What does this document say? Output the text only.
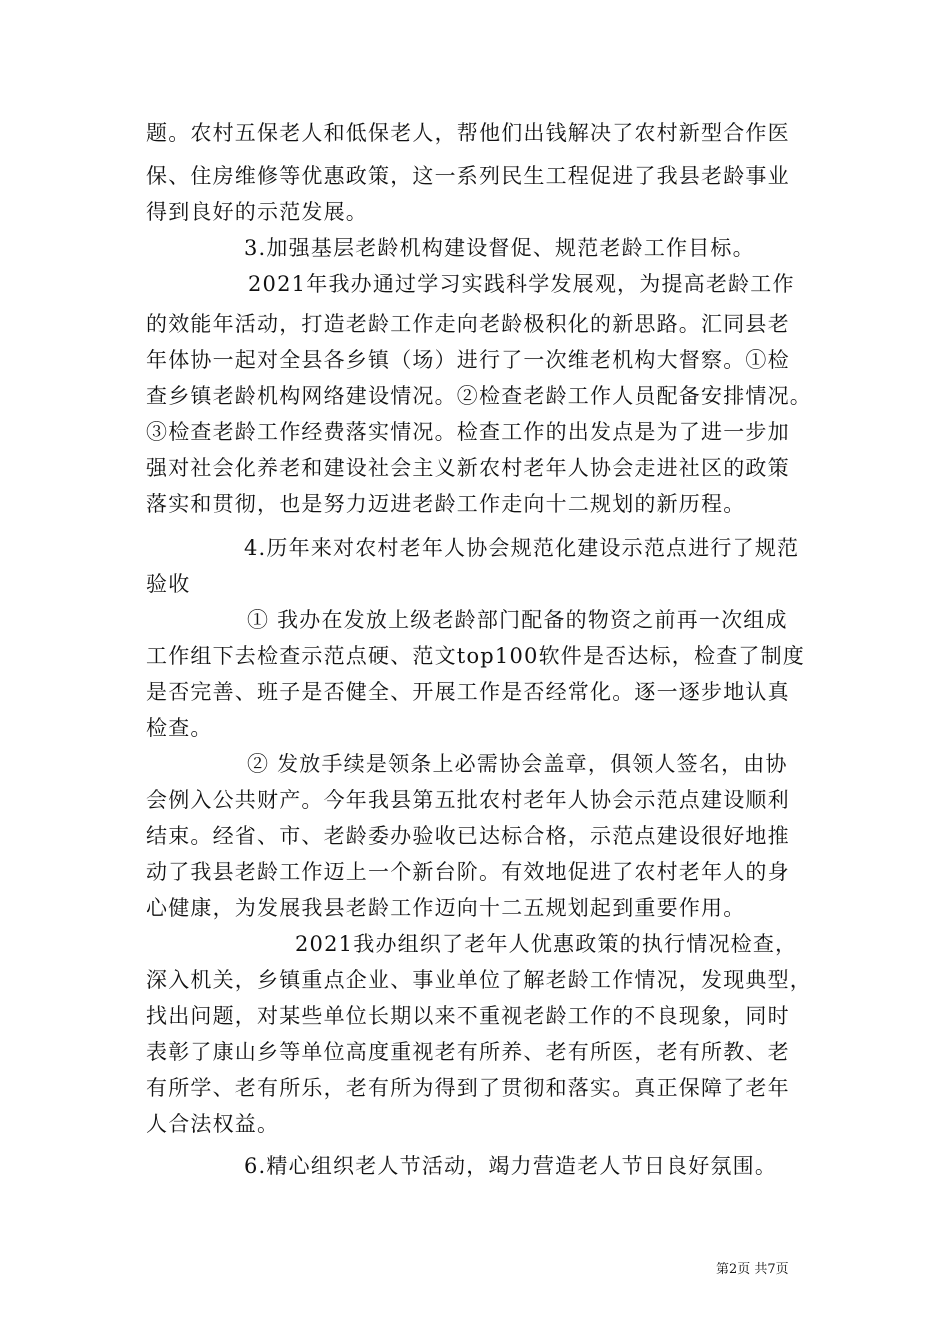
题。农村五保老人和低保老人，帮他们出钱解决了农村新型合作医
保、住房维修等优惠政策，这一系列民生工程促进了我县老龄事业
得到良好的示范发展。
3.加强基层老龄机构建设督促、规范老龄工作目标。
2021年我办通过学习实践科学发展观，为提高老龄工作
的效能年活动，打造老龄工作走向老龄极积化的新思路。汇同县老
年体协一起对全县各乡镇（场）进行了一次维老机构大督察。①检
查乡镇老龄机构网络建设情况。②检查老龄工作人员配备安排情况。
③检查老龄工作经费落实情况。检查工作的出发点是为了进一步加
强对社会化养老和建设社会主义新农村老年人协会走进社区的政策
落实和贯彻，也是努力迈进老龄工作走向十二规划的新历程。
4.历年来对农村老年人协会规范化建设示范点进行了规范
验收
① 我办在发放上级老龄部门配备的物资之前再一次组成
工作组下去检查示范点硬、范文top100软件是否达标，检查了制度
是否完善、班子是否健全、开展工作是否经常化。逐一逐步地认真
检查。
② 发放手续是领条上必需协会盖章，俱领人签名，由协
会例入公共财产。今年我县第五批农村老年人协会示范点建设顺利
结束。经省、市、老龄委办验收已达标合格，示范点建设很好地推
动了我县老龄工作迈上一个新台阶。有效地促进了农村老年人的身
心健康，为发展我县老龄工作迈向十二五规划起到重要作用。
2021我办组织了老年人优惠政策的执行情况检查，
深入机关，乡镇重点企业、事业单位了解老龄工作情况，发现典型，
找出问题，对某些单位长期以来不重视老龄工作的不良现象，同时
表彰了康山乡等单位高度重视老有所养、老有所医，老有所教、老
有所学、老有所乐，老有所为得到了贯彻和落实。真正保障了老年
人合法权益。
6.精心组织老人节活动，竭力营造老人节日良好氛围。
第2页 共7页
